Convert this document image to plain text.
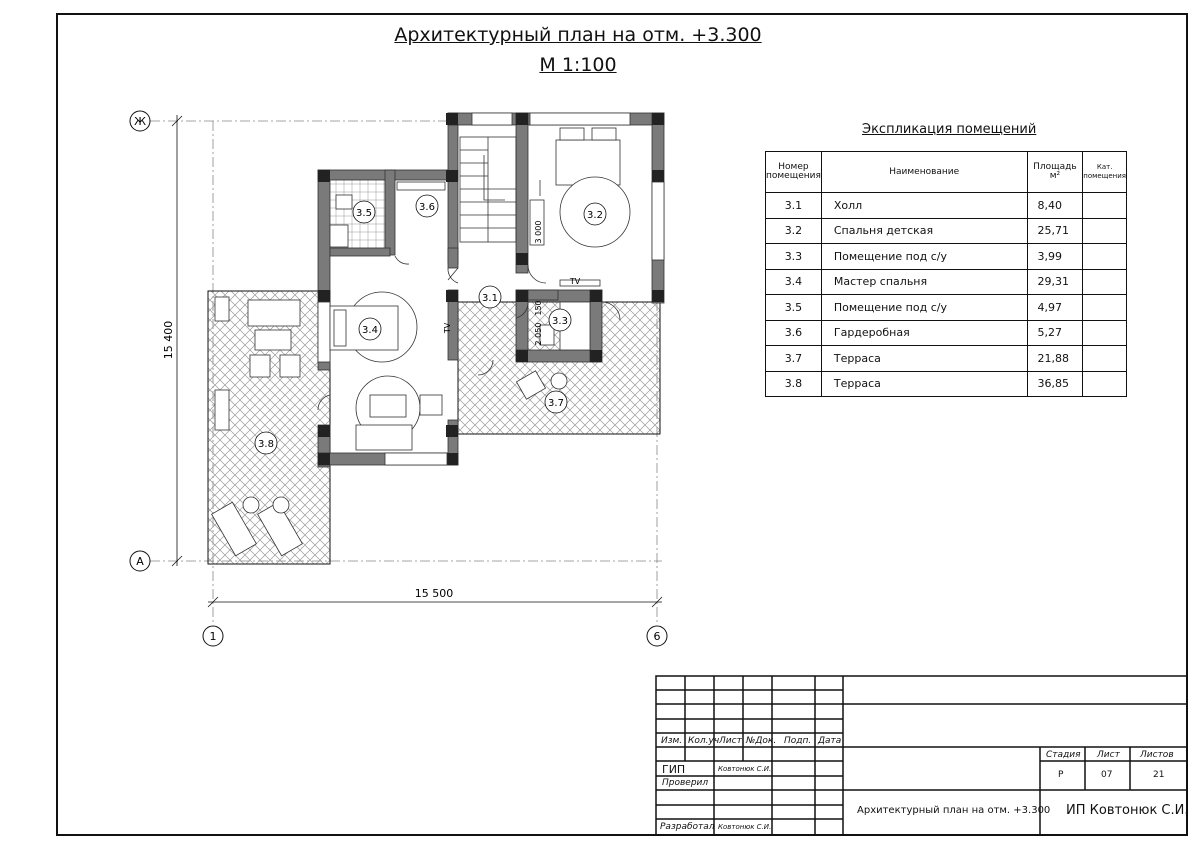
15 400
15 500
Ж
А
1	6
3.1
3.2
3.3
3.4
3.5
3.6
3.7
3.8
3 000
150
2 050
TV
TV
Архитектурный план на отм. +3.300
М 1:100
Экспликация помещений
Номер помещения	Наименование	Площадь м²	Кат. помещения
3.1	Холл	8,40	
3.2	Спальня детская	25,71	
3.3	Помещение под с/у	3,99	
3.4	Мастер спальня	29,31	
3.5	Помещение под с/у	4,97	
3.6	Гардеробная	5,27	
3.7	Терраса	21,88	
3.8	Терраса	36,85	
Изм. Кол.уч Лист №Док. Подп. Дата
ГИП	Ковтонюк С.И.
Проверил
Разработал Ковтонюк С.И.
Стадия Лист Листов
Р	07	21
Архитектурный план на отм. +3.300 ИП Ковтонюк С.И.
